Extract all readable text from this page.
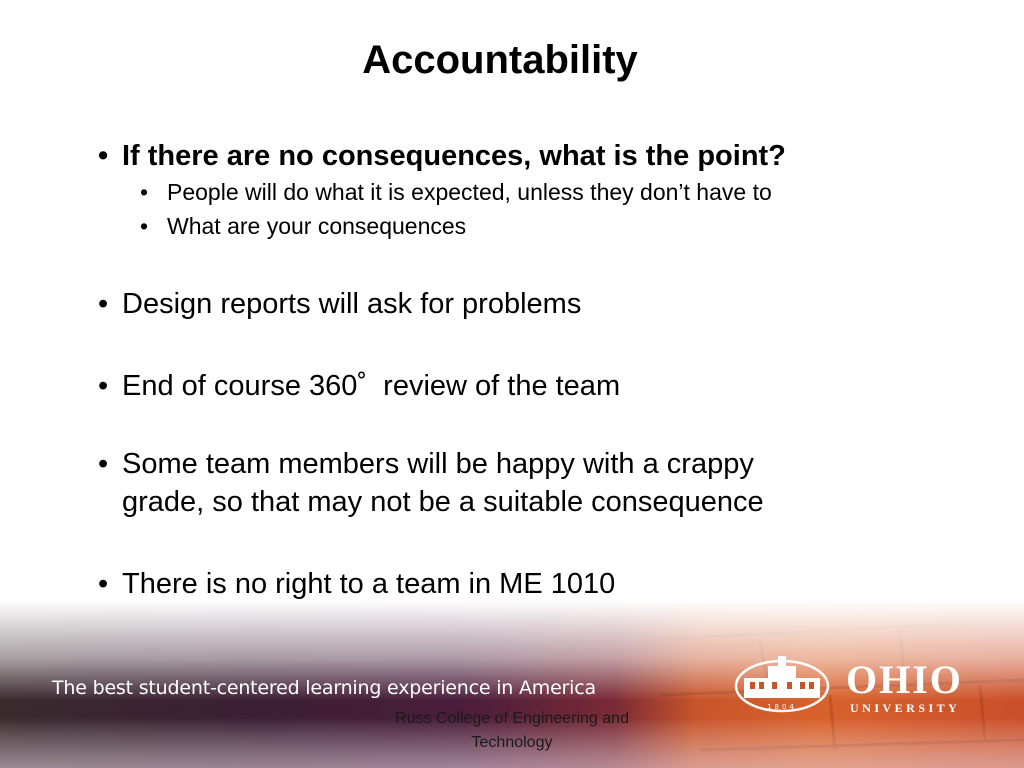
Accountability
• If there are no consequences, what is the point?
• People will do what it is expected, unless they don’t have to
• What are your consequences
• Design reports will ask for problems
• End of course 360˚  review of the team
• Some team members will be happy with a crappy
grade, so that may not be a suitable consequence
• There is no right to a team in ME 1010
1804
OHIO
UNIVERSITY
The best student-centered learning experience in America
Russ College of Engineering and
Technology
